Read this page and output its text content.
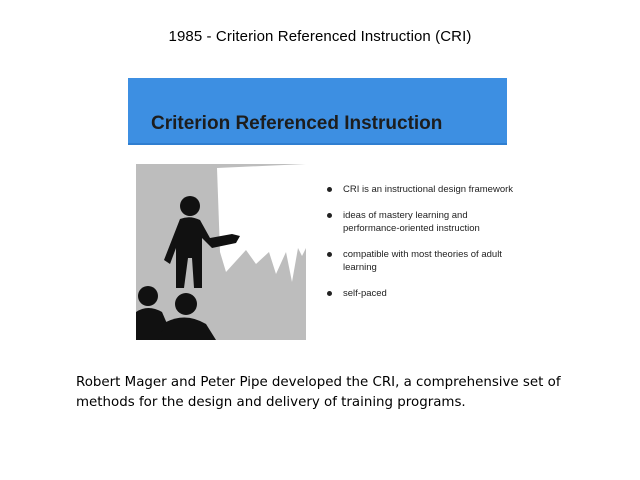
1985 - Criterion Referenced Instruction (CRI)
Criterion Referenced Instruction
CRI is an instructional design framework
ideas of mastery learning and performance-oriented instruction
compatible with most theories of adult learning
self-paced
Robert Mager and Peter Pipe developed the CRI, a comprehensive set of methods for the design and delivery of training programs.
